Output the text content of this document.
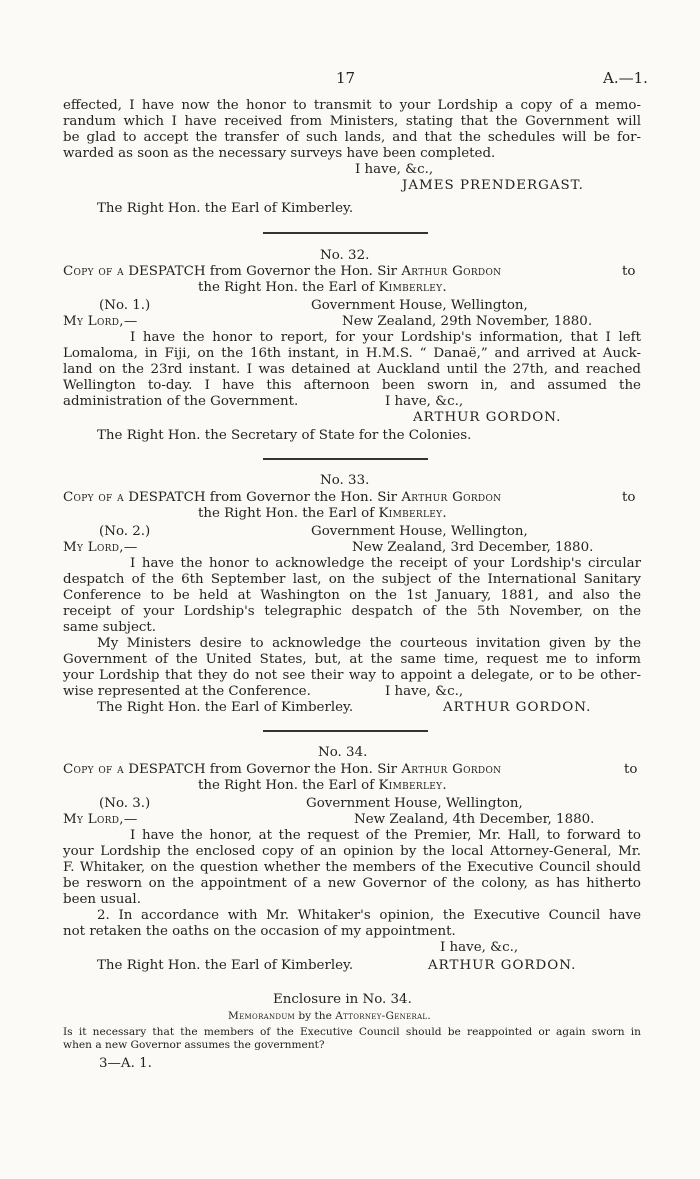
17	A.—1.
effected, I have now the honor to transmit to your Lordship a copy of a memo-
randum which I have received from Ministers, stating that the Government will
be glad to accept the transfer of such lands, and that the schedules will be for-
warded as soon as the necessary surveys have been completed.
I have, &c.,
JAMES PRENDERGAST.
The Right Hon. the Earl of Kimberley.
No. 32.
Copy of a DESPATCH from Governor the Hon. Sir Arthur Gordon	to
the Right Hon. the Earl of Kimberley.
(No. 1.)	Government House, Wellington,
My Lord,—	New Zealand, 29th November, 1880.
I have the honor to report, for your Lordship's information, that I left
Lomaloma, in Fiji, on the 16th instant, in H.M.S. “ Danaë,” and arrived at Auck-
land on the 23rd instant. I was detained at Auckland until the 27th, and reached
Wellington to-day. I have this afternoon been sworn in, and assumed the
administration of the Government.	I have, &c.,
ARTHUR GORDON.
The Right Hon. the Secretary of State for the Colonies.
No. 33.
Copy of a DESPATCH from Governor the Hon. Sir Arthur Gordon	to
the Right Hon. the Earl of Kimberley.
(No. 2.)	Government House, Wellington,
My Lord,—	New Zealand, 3rd December, 1880.
I have the honor to acknowledge the receipt of your Lordship's circular
despatch of the 6th September last, on the subject of the International Sanitary
Conference to be held at Washington on the 1st January, 1881, and also the
receipt of your Lordship's telegraphic despatch of the 5th November, on the
same subject.
My Ministers desire to acknowledge the courteous invitation given by the
Government of the United States, but, at the same time, request me to inform
your Lordship that they do not see their way to appoint a delegate, or to be other-
wise represented at the Conference.	I have, &c.,
The Right Hon. the Earl of Kimberley.	ARTHUR GORDON.
No. 34.
Copy of a DESPATCH from Governor the Hon. Sir Arthur Gordon	to
the Right Hon. the Earl of Kimberley.
(No. 3.)	Government House, Wellington,
My Lord,—	New Zealand, 4th December, 1880.
I have the honor, at the request of the Premier, Mr. Hall, to forward to
your Lordship the enclosed copy of an opinion by the local Attorney-General, Mr.
F. Whitaker, on the question whether the members of the Executive Council should
be resworn on the appointment of a new Governor of the colony, as has hitherto
been usual.
2. In accordance with Mr. Whitaker's opinion, the Executive Council have
not retaken the oaths on the occasion of my appointment.
I have, &c.,
The Right Hon. the Earl of Kimberley.	ARTHUR GORDON.
Enclosure in No. 34.
Memorandum by the Attorney-General.
Is it necessary that the members of the Executive Council should be reappointed or again sworn in
when a new Governor assumes the government?
3—A. 1.
